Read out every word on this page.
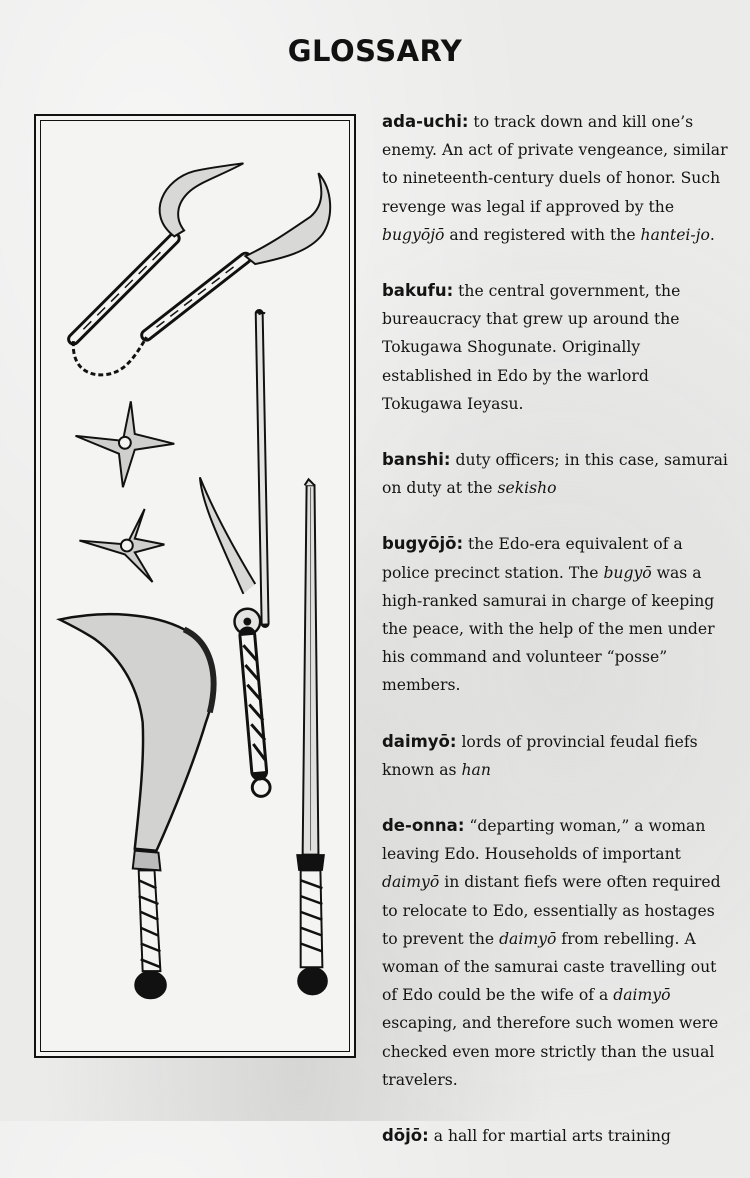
GLOSSARY
ada-uchi: to track down and kill one’s enemy. An act of private vengeance, similar to nineteenth-century duels of honor. Such revenge was legal if approved by the bugyōjō and registered with the hantei-jo.
bakufu: the central government, the bureaucracy that grew up around the Tokugawa Shogunate. Originally established in Edo by the warlord Tokugawa Ieyasu.
banshi: duty officers; in this case, samurai on duty at the sekisho
bugyōjō: the Edo-era equivalent of a police precinct station. The bugyō was a high-ranked samurai in charge of keeping the peace, with the help of the men under his command and volunteer “posse” members.
daimyō: lords of provincial feudal fiefs known as han
de-onna: “departing woman,” a woman leaving Edo. Households of important daimyō in distant fiefs were often required to relocate to Edo, essentially as hostages to prevent the daimyō from rebelling. A woman of the samurai caste travelling out of Edo could be the wife of a daimyō escaping, and therefore such women were checked even more strictly than the usual travelers.
dōjō: a hall for martial arts training
